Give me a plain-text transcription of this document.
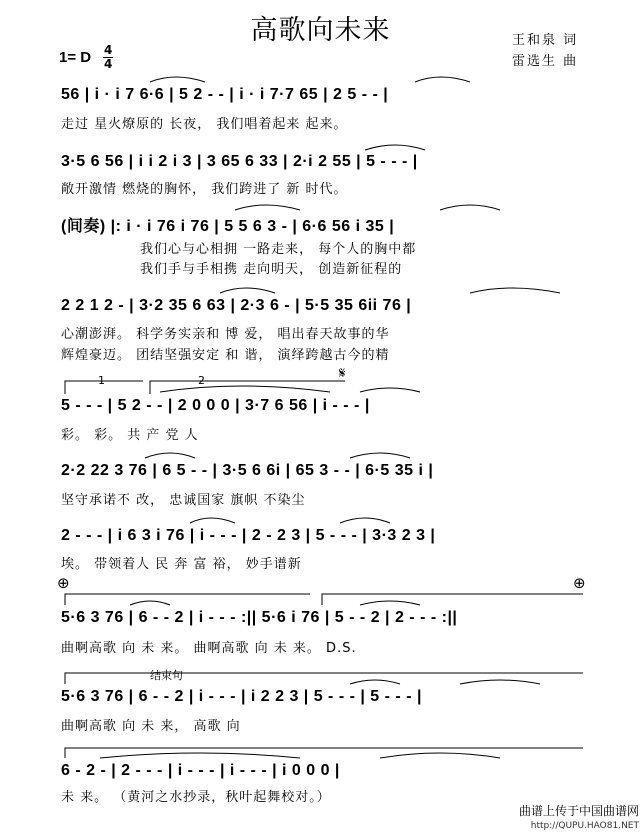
高歌向未来	王和泉 词
雷选生 曲
1= D 4
4
56 | i · i 7 6·6 | 5 2 - - | i · i 7·7 65 | 2 5 - - |
走过 星火燎原的 长夜， 我们唱着起来 起来。
3·5 6 56 | i i 2 i 3 | 3 65 6 33 | 2·i 2 55 | 5 - - - |
敞开激情 燃烧的胸怀， 我们跨进了 新 时代。
(间奏) |: i · i 76 i 76 | 5 5 6 3 - | 6·6 56 i 35 |
我们心与心相拥 一路走来， 每个人的胸中都
我们手与手相携 走向明天， 创造新征程的
2 2 1 2 - | 3·2 35 6 63 | 2·3 6 - | 5·5 35 6ii 76 |
心潮澎湃。 科学务实亲和 博 爱， 唱出春天故事的华
辉煌豪迈。 团结坚强安定 和 谐， 演绎跨越古今的精
1	2	𝄋
5 - - - | 5 2 - - | 2 0 0 0 | 3·7 6 56 | i - - - |
彩。 彩。 共 产 党 人
2·2 22 3 76 | 6 5 - - | 3·5 6 6i | 65 3 - - | 6·5 35 i |
坚守承诺不 改， 忠诚国家 旗帜 不染尘
2 - - - | i 6 3 i 76 | i - - - | 2 - 2 3 | 5 - - - | 3·3 2 3 |
埃。 带领着人 民 奔 富 裕， 妙手谱新
⊕	⊕
5·6 3 76 | 6 - - 2 | i - - - :|| 5·6 i 76 | 5 - - 2 | 2 - - - :||
曲啊高歌 向 未 来。 曲啊高歌 向 未 来。 D.S.
结束句
5·6 3 76 | 6 - - 2 | i - - - | i 2 2 3 | 5 - - - | 5 - - - |
曲啊高歌 向 未 来， 高歌 向
6 - 2 - | 2 - - - | i - - - | i - - - | i 0 0 0 |
未 来。 （黄河之水抄录，秋叶起舞校对。）
曲谱上传于中国曲谱网
http://QUPU.HAO81.NET
